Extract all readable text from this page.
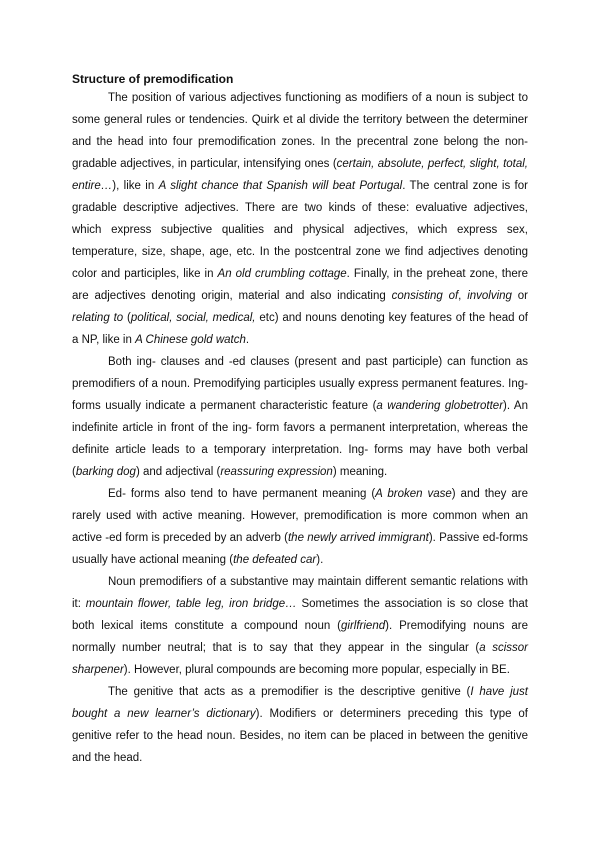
Structure of premodification

The position of various adjectives functioning as modifiers of a noun is subject to some general rules or tendencies. Quirk et al divide the territory between the determiner and the head into four premodification zones. In the precentral zone belong the non-gradable adjectives, in particular, intensifying ones (certain, absolute, perfect, slight, total, entire…), like in A slight chance that Spanish will beat Portugal. The central zone is for gradable descriptive adjectives. There are two kinds of these: evaluative adjectives, which express subjective qualities and physical adjectives, which express sex, temperature, size, shape, age, etc. In the postcentral zone we find adjectives denoting color and participles, like in An old crumbling cottage. Finally, in the preheat zone, there are adjectives denoting origin, material and also indicating consisting of, involving or relating to (political, social, medical, etc) and nouns denoting key features of the head of a NP, like in A Chinese gold watch.

Both ing- clauses and -ed clauses (present and past participle) can function as premodifiers of a noun. Premodifying participles usually express permanent features. Ing- forms usually indicate a permanent characteristic feature (a wandering globetrotter). An indefinite article in front of the ing- form favors a permanent interpretation, whereas the definite article leads to a temporary interpretation. Ing- forms may have both verbal (barking dog) and adjectival (reassuring expression) meaning.

Ed- forms also tend to have permanent meaning (A broken vase) and they are rarely used with active meaning. However, premodification is more common when an active -ed form is preceded by an adverb (the newly arrived immigrant). Passive ed-forms usually have actional meaning (the defeated car).

Noun premodifiers of a substantive may maintain different semantic relations with it: mountain flower, table leg, iron bridge… Sometimes the association is so close that both lexical items constitute a compound noun (girlfriend). Premodifying nouns are normally number neutral; that is to say that they appear in the singular (a scissor sharpener). However, plural compounds are becoming more popular, especially in BE.

The genitive that acts as a premodifier is the descriptive genitive (I have just bought a new learner’s dictionary). Modifiers or determiners preceding this type of genitive refer to the head noun. Besides, no item can be placed in between the genitive and the head.
